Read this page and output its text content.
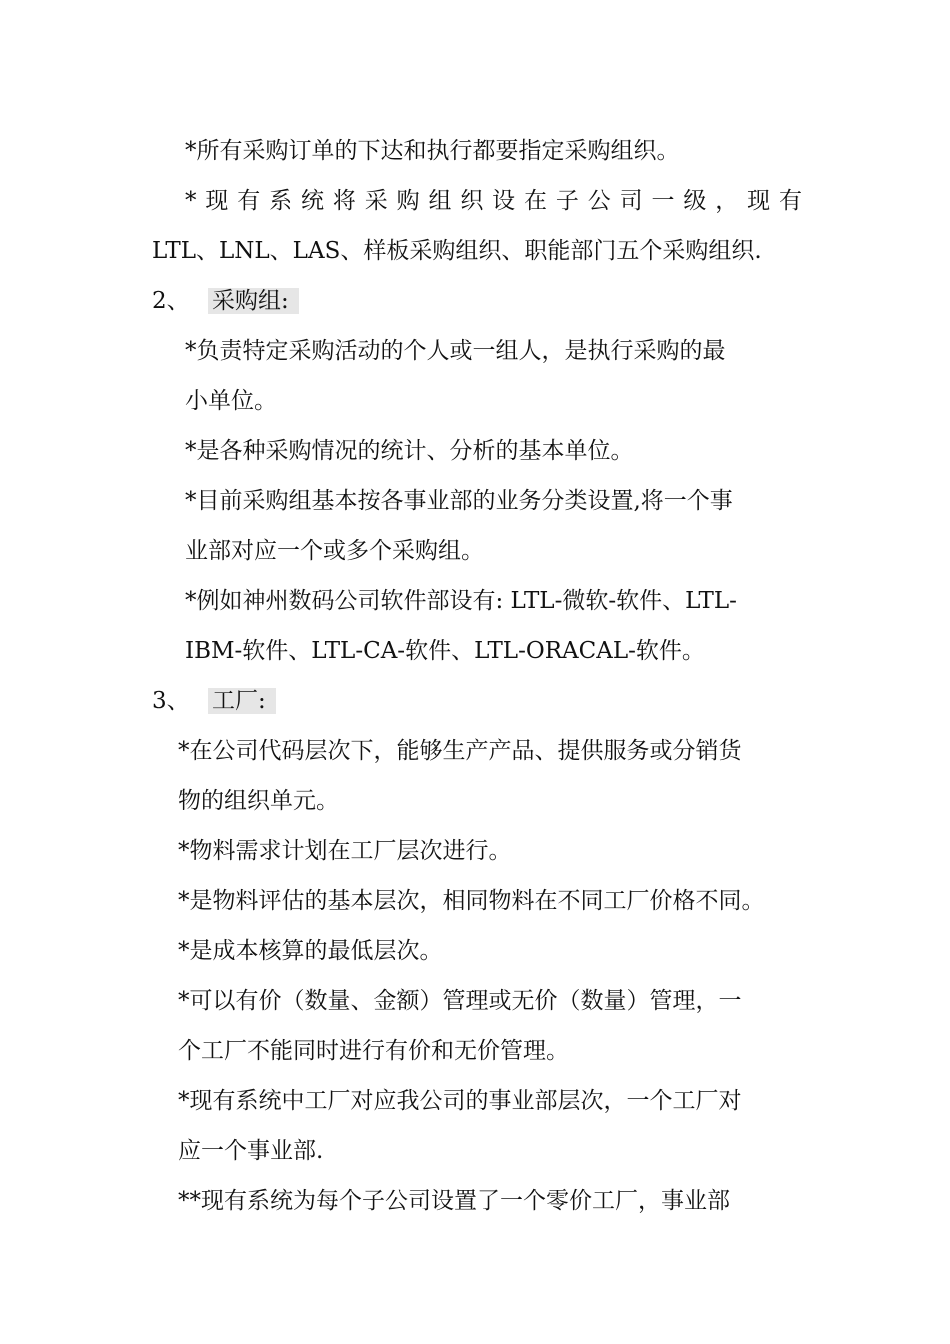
*所有采购订单的下达和执行都要指定采购组织。
*现有系统将采购组织设在子公司一级，现有
LTL、LNL、LAS、样板采购组织、职能部门五个采购组织.
2、 采购组:
*负责特定采购活动的个人或一组人，是执行采购的最
小单位。
*是各种采购情况的统计、分析的基本单位。
*目前采购组基本按各事业部的业务分类设置,将一个事
业部对应一个或多个采购组。
*例如神州数码公司软件部设有: LTL-微软-软件、LTL-
IBM-软件、LTL-CA-软件、LTL-ORACAL-软件。
3、 工厂:
*在公司代码层次下，能够生产产品、提供服务或分销货
物的组织单元。
*物料需求计划在工厂层次进行。
*是物料评估的基本层次，相同物料在不同工厂价格不同。
*是成本核算的最低层次。
*可以有价（数量、金额）管理或无价（数量）管理，一
个工厂不能同时进行有价和无价管理。
*现有系统中工厂对应我公司的事业部层次，一个工厂对
应一个事业部.
**现有系统为每个子公司设置了一个零价工厂，事业部
